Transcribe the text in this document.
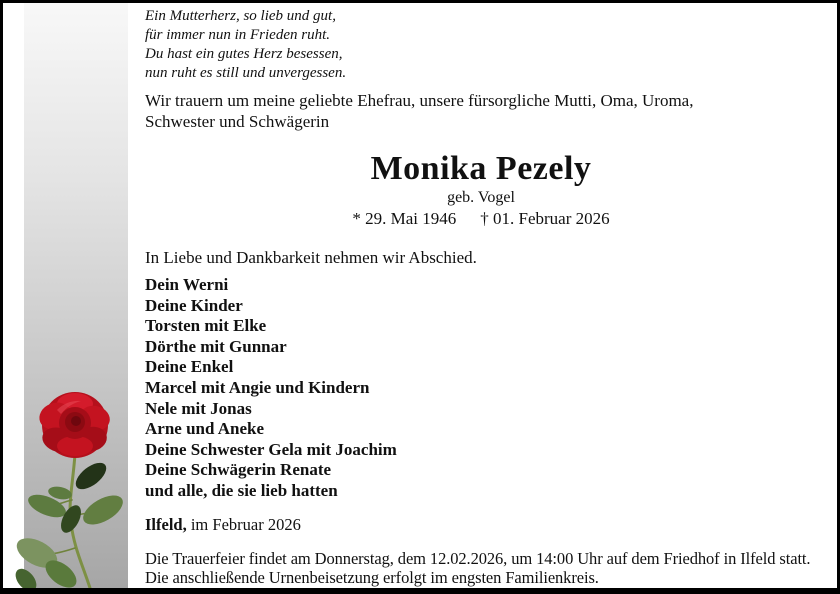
Ein Mutterherz, so lieb und gut,
für immer nun in Frieden ruht.
Du hast ein gutes Herz besessen,
nun ruht es still und unvergessen.
Wir trauern um meine geliebte Ehefrau, unsere fürsorgliche Mutti, Oma, Uroma, Schwester und Schwägerin
Monika Pezely
geb. Vogel
* 29. Mai 1946 † 01. Februar 2026
In Liebe und Dankbarkeit nehmen wir Abschied.
Dein Werni
Deine Kinder
Torsten mit Elke
Dörthe mit Gunnar
Deine Enkel
Marcel mit Angie und Kindern
Nele mit Jonas
Arne und Aneke
Deine Schwester Gela mit Joachim
Deine Schwägerin Renate
und alle, die sie lieb hatten
Ilfeld, im Februar 2026
Die Trauerfeier findet am Donnerstag, dem 12.02.2026, um 14:00 Uhr auf dem Friedhof in Ilfeld statt. Die anschließende Urnenbeisetzung erfolgt im engsten Familienkreis.
